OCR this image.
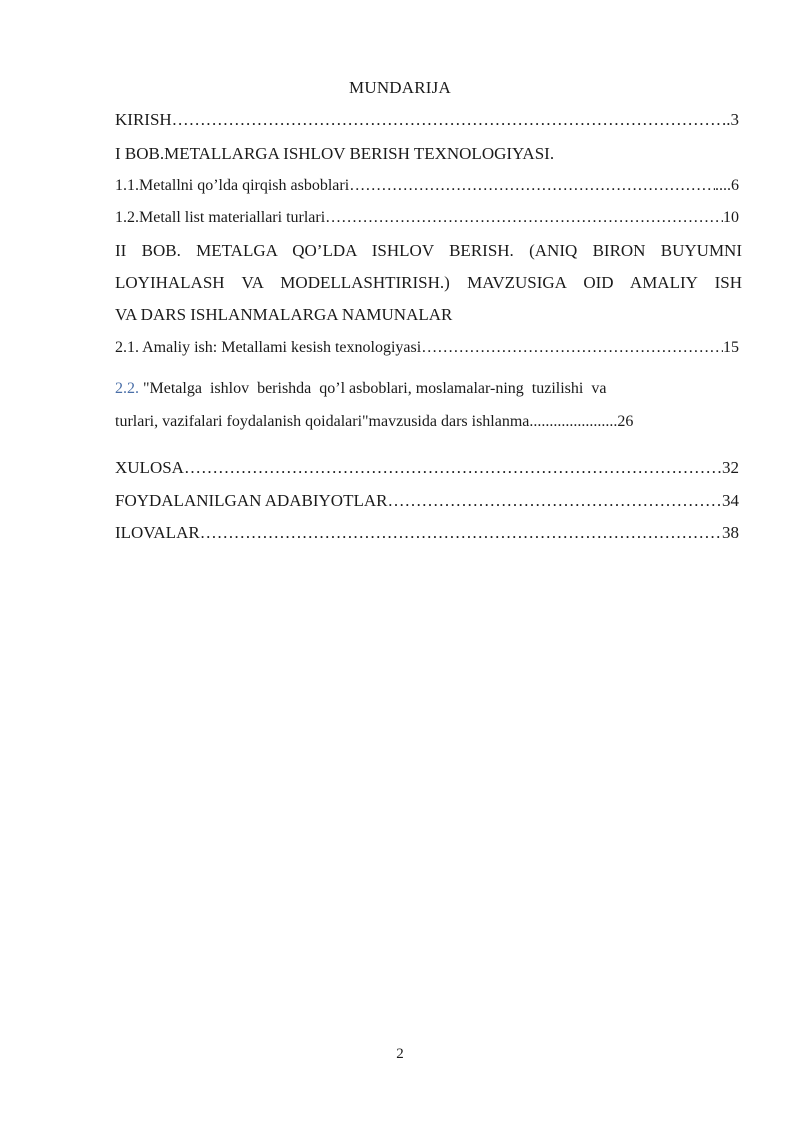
MUNDARIJA
KIRISH ……………………………………………………………………………………………………………………………………………	.3
I BOB.METALLARGA ISHLOV BERISH TEXNOLOGIYASI.
1.1.Metallni qo’lda qirqish asboblari ……………………………………………………………………………………………………………………………………………	....6
1.2.Metall list materiallari turlari ……………………………………………………………………………………………………………………………………………	10
II BOB. METALGA QO’LDA ISHLOV BERISH. (ANIQ BIRON BUYUMNI
LOYIHALASH VA MODELLASHTIRISH.) MAVZUSIGA OID AMALIY ISH
VA DARS ISHLANMALARGA NAMUNALAR
2.1. Amaliy ish: Metallami kesish texnologiyasi ……………………………………………………………………………………………………………………………………………	15
2.2. "Metalga  ishlov  berishda  qo’l asboblari, moslamalar-ning  tuzilishi  va
turlari, vazifalari foydalanish qoidalari"mavzusida dars ishlanma......................26
XULOSA ……………………………………………………………………………………………………………………………………………	32
FOYDALANILGAN ADABIYOTLAR ……………………………………………………………………………………………………………………………………………	34
ILOVALAR ……………………………………………………………………………………………………………………………………………	38
2
